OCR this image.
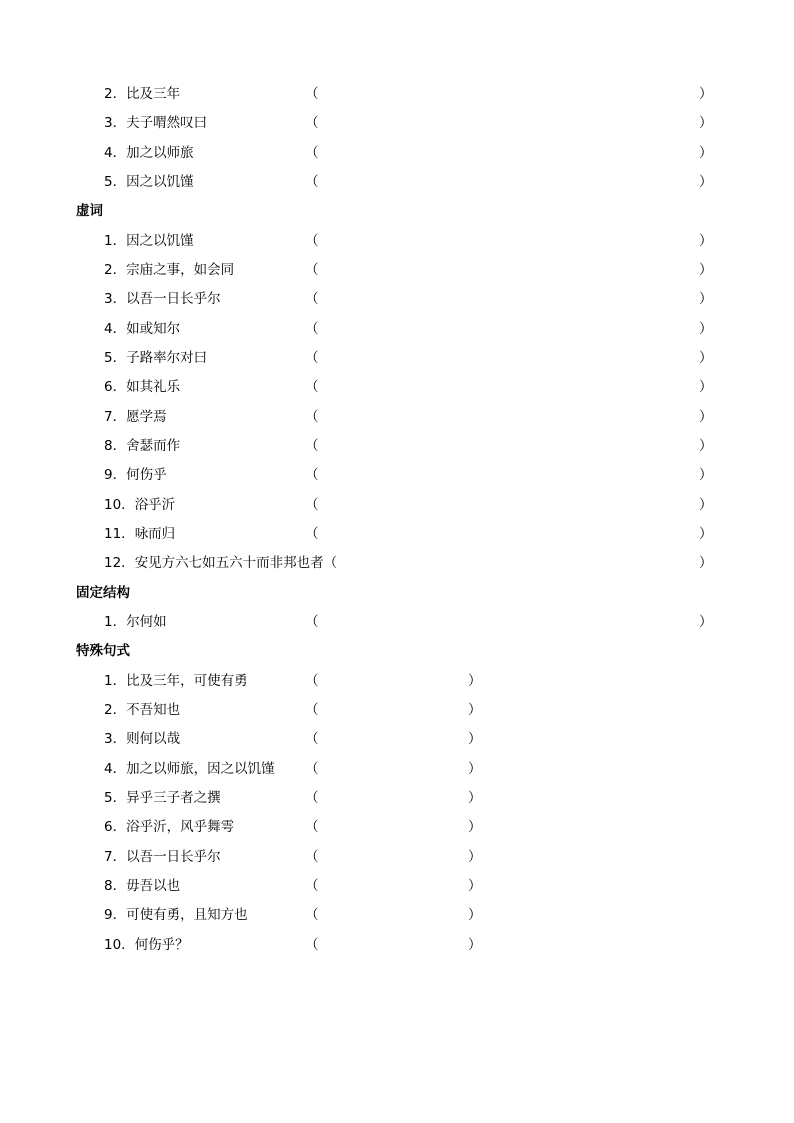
2．比及三年	（	）
3．夫子喟然叹曰	（	）
4．加之以师旅	（	）
5．因之以饥馑	（	）
虚词
1．因之以饥馑	（	）
2．宗庙之事，如会同	（	）
3．以吾一日长乎尔	（	）
4．如或知尔	（	）
5．子路率尔对曰	（	）
6．如其礼乐	（	）
7．愿学焉	（	）
8．舍瑟而作	（	）
9．何伤乎	（	）
10．浴乎沂	（	）
11．咏而归	（	）
12．安见方六七如五六十而非邦也者（	）
固定结构
1．尔何如	（	）
特殊句式
1．比及三年，可使有勇	（	）
2．不吾知也	（	）
3．则何以哉	（	）
4．加之以师旅，因之以饥馑 （	）
5．异乎三子者之撰	（	）
6．浴乎沂，风乎舞雩	（	）
7．以吾一日长乎尔	（	）
8．毋吾以也	（	）
9．可使有勇，且知方也	（	）
10．何伤乎？	（	）
